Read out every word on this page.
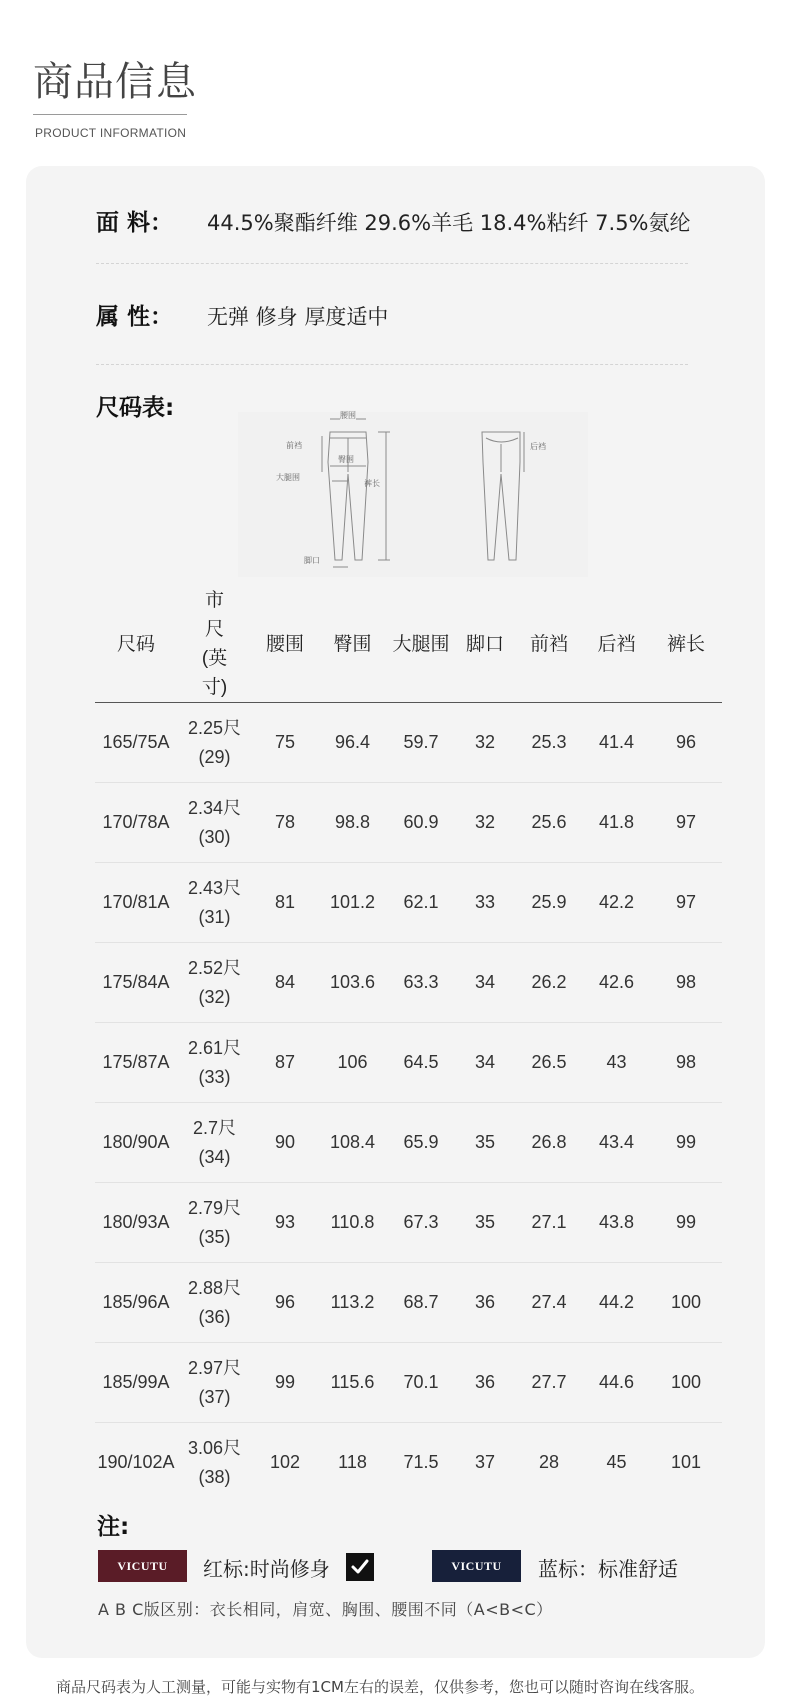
商品信息
PRODUCT INFORMATION
面 料： 44.5%聚酯纤维 29.6%羊毛 18.4%粘纤 7.5%氨纶
属 性： 无弹 修身 厚度适中
尺码表:	腰围
前裆
臀围
大腿围
裤长
脚口
后裆
尺码	市尺(英寸)	腰围	臀围	大腿围	脚口	前裆	后裆	裤长
165/75A	2.25尺(29)	75	96.4	59.7	32	25.3	41.4	96
170/78A	2.34尺(30)	78	98.8	60.9	32	25.6	41.8	97
170/81A	2.43尺(31)	81	101.2	62.1	33	25.9	42.2	97
175/84A	2.52尺(32)	84	103.6	63.3	34	26.2	42.6	98
175/87A	2.61尺(33)	87	106	64.5	34	26.5	43	98
180/90A	2.7尺(34)	90	108.4	65.9	35	26.8	43.4	99
180/93A	2.79尺(35)	93	110.8	67.3	35	27.1	43.8	99
185/96A	2.88尺(36)	96	113.2	68.7	36	27.4	44.2	100
185/99A	2.97尺(37)	99	115.6	70.1	36	27.7	44.6	100
190/102A	3.06尺(38)	102	118	71.5	37	28	45	101
注:
VICUTU	红标:时尚修身	VICUTU	蓝标：标准舒适
A B C版区别：衣长相同，肩宽、胸围、腰围不同（A<B<C）
商品尺码表为人工测量，可能与实物有1CM左右的误差，仅供参考，您也可以随时咨询在线客服。
